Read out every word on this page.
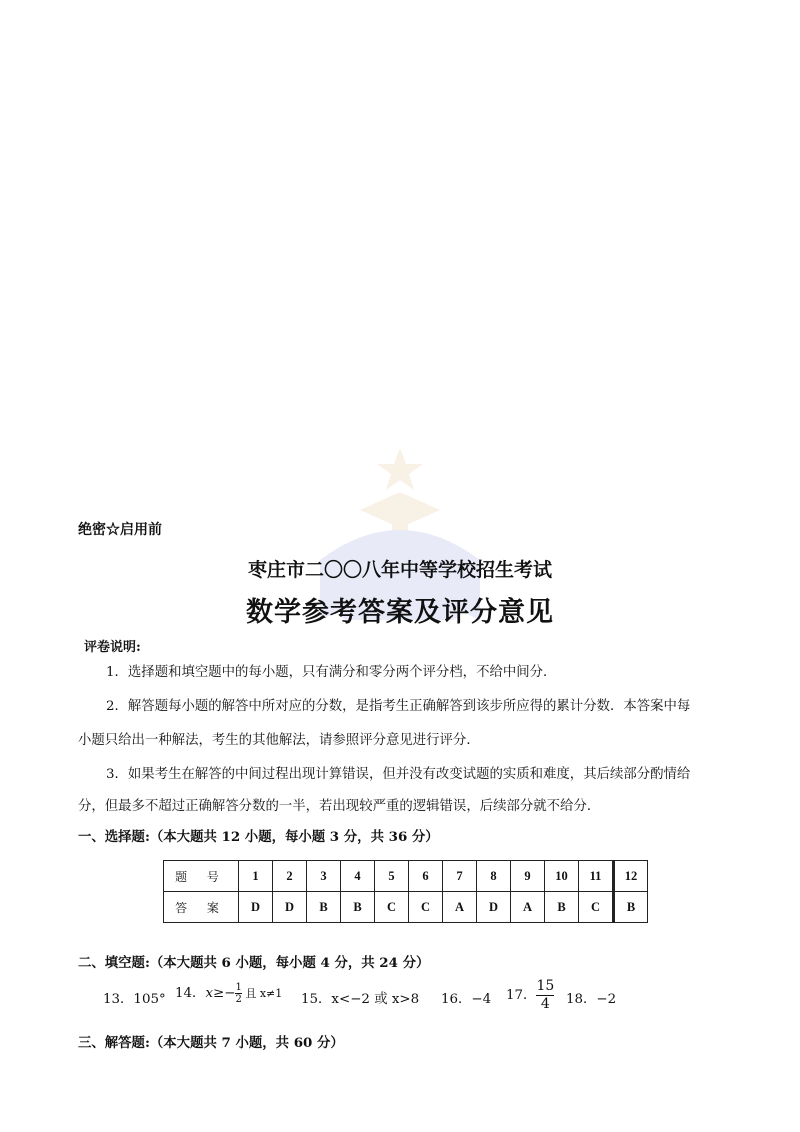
绝密☆启用前
枣庄市二〇〇八年中等学校招生考试
数学参考答案及评分意见
评卷说明:
1．选择题和填空题中的每小题，只有满分和零分两个评分档，不给中间分．
2．解答题每小题的解答中所对应的分数，是指考生正确解答到该步所应得的累计分数．本答案中每
小题只给出一种解法，考生的其他解法，请参照评分意见进行评分．
3．如果考生在解答的中间过程出现计算错误，但并没有改变试题的实质和难度，其后续部分酌情给
分，但最多不超过正确解答分数的一半，若出现较严重的逻辑错误，后续部分就不给分．
一、选择题:（本大题共 12 小题，每小题 3 分，共 36 分）
题 号	1	2	3	4	5	6	7	8	9	10	11	12
答 案	D	D	B	B	C	C	A	D	A	B	C	B
二、填空题:（本大题共 6 小题，每小题 4 分，共 24 分）
13．105° 14．$x\ge- \frac{1}{2}$ 且 x≠1 15．x<−2 或 x>8 16．−4 17． $\frac{15}{4} 18$．−2
三、解答题:（本大题共 7 小题，共 60 分）
